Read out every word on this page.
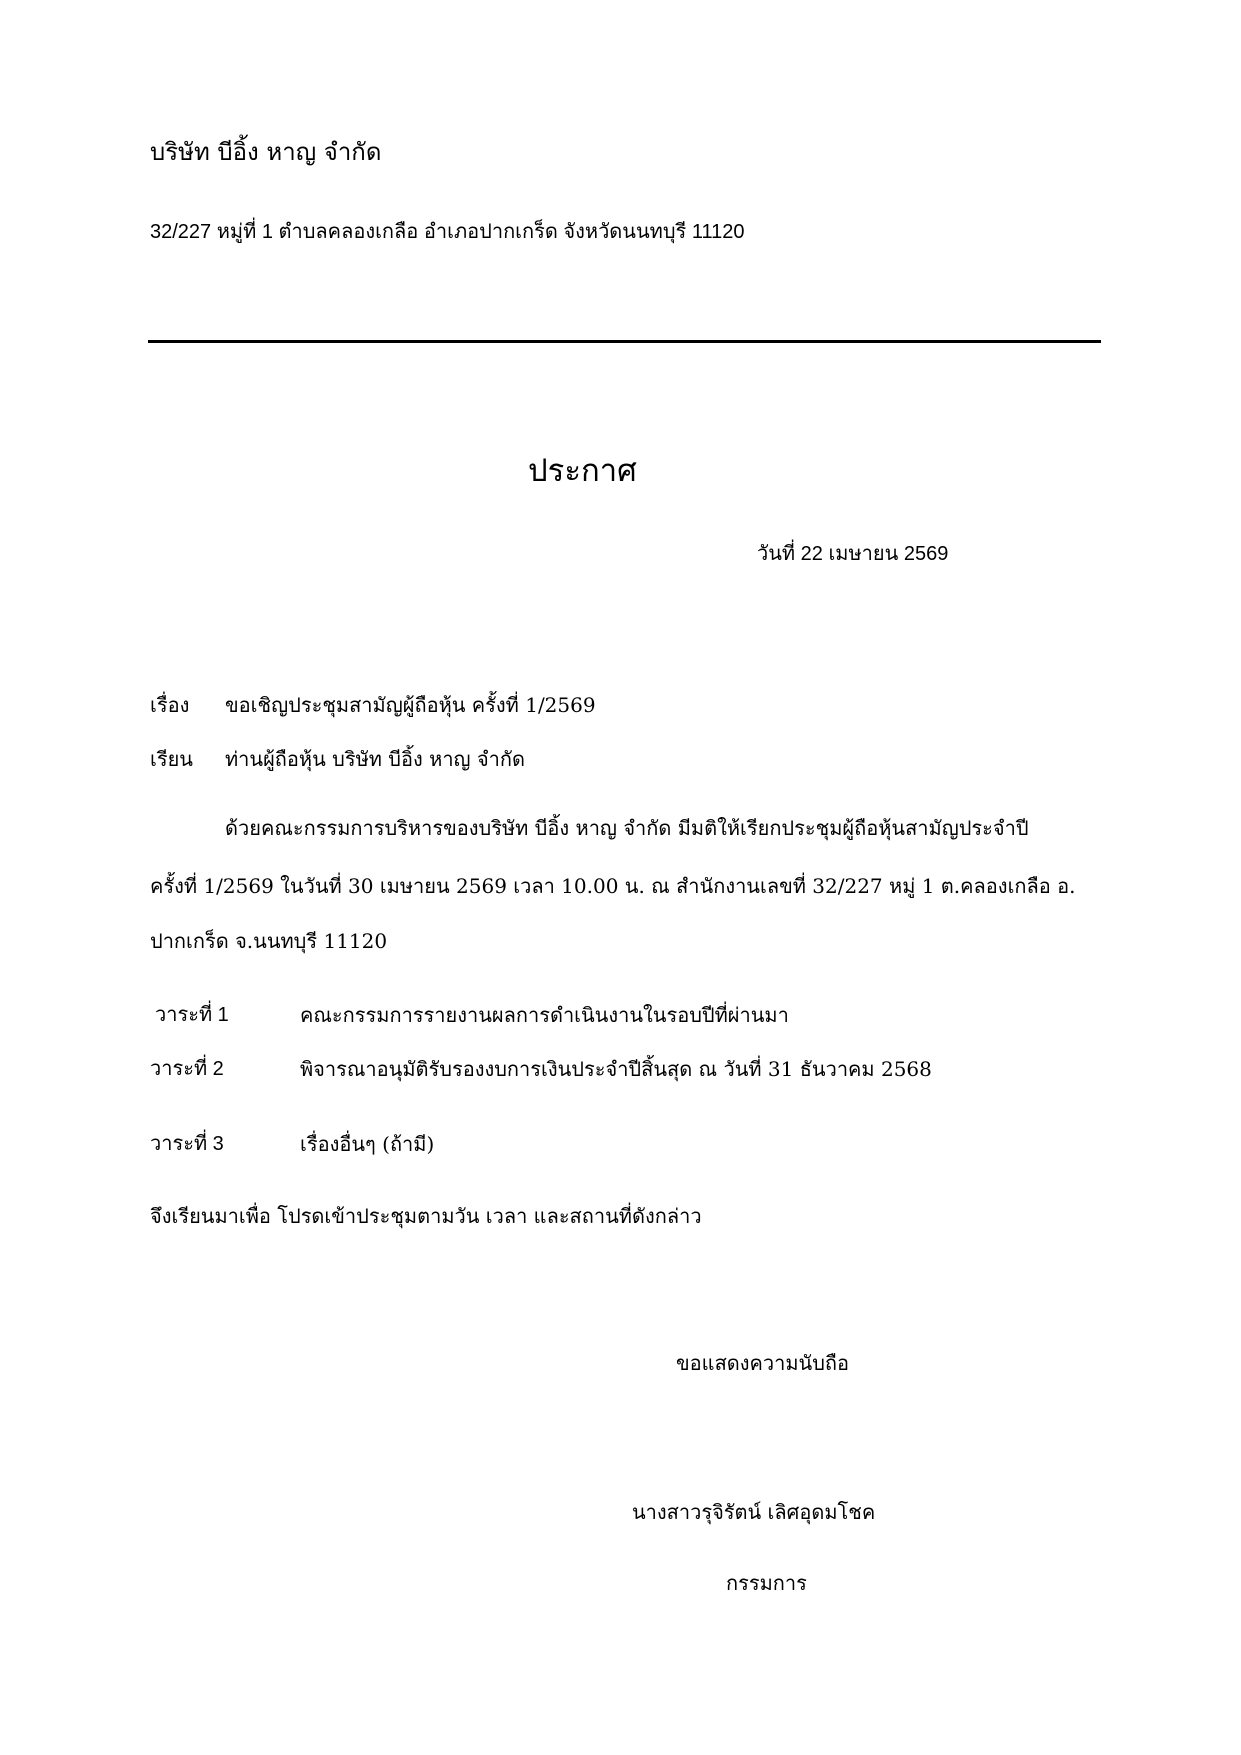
บริษัท บีอิ้ง หาญ จำกัด
32/227 หมู่ที่ 1 ตำบลคลองเกลือ อำเภอปากเกร็ด จังหวัดนนทบุรี 11120
ประกาศ
วันที่ 22 เมษายน 2569
เรื่อง ขอเชิญประชุมสามัญผู้ถือหุ้น ครั้งที่ 1/2569
เรียน ท่านผู้ถือหุ้น บริษัท บีอิ้ง หาญ จำกัด
ด้วยคณะกรรมการบริหารของบริษัท บีอิ้ง หาญ จำกัด มีมติให้เรียกประชุมผู้ถือหุ้นสามัญประจำปี
ครั้งที่ 1/2569 ในวันที่ 30 เมษายน 2569 เวลา 10.00 น. ณ สำนักงานเลขที่ 32/227 หมู่ 1 ต.คลองเกลือ อ.
ปากเกร็ด จ.นนทบุรี 11120
วาระที่ 1	คณะกรรมการรายงานผลการดำเนินงานในรอบปีที่ผ่านมา
วาระที่ 2	พิจารณาอนุมัติรับรองงบการเงินประจำปีสิ้นสุด ณ วันที่ 31 ธันวาคม 2568
วาระที่ 3	เรื่องอื่นๆ (ถ้ามี)
จึงเรียนมาเพื่อ โปรดเข้าประชุมตามวัน เวลา และสถานที่ดังกล่าว
ขอแสดงความนับถือ
นางสาวรุจิรัตน์ เลิศอุดมโชค
กรรมการ
